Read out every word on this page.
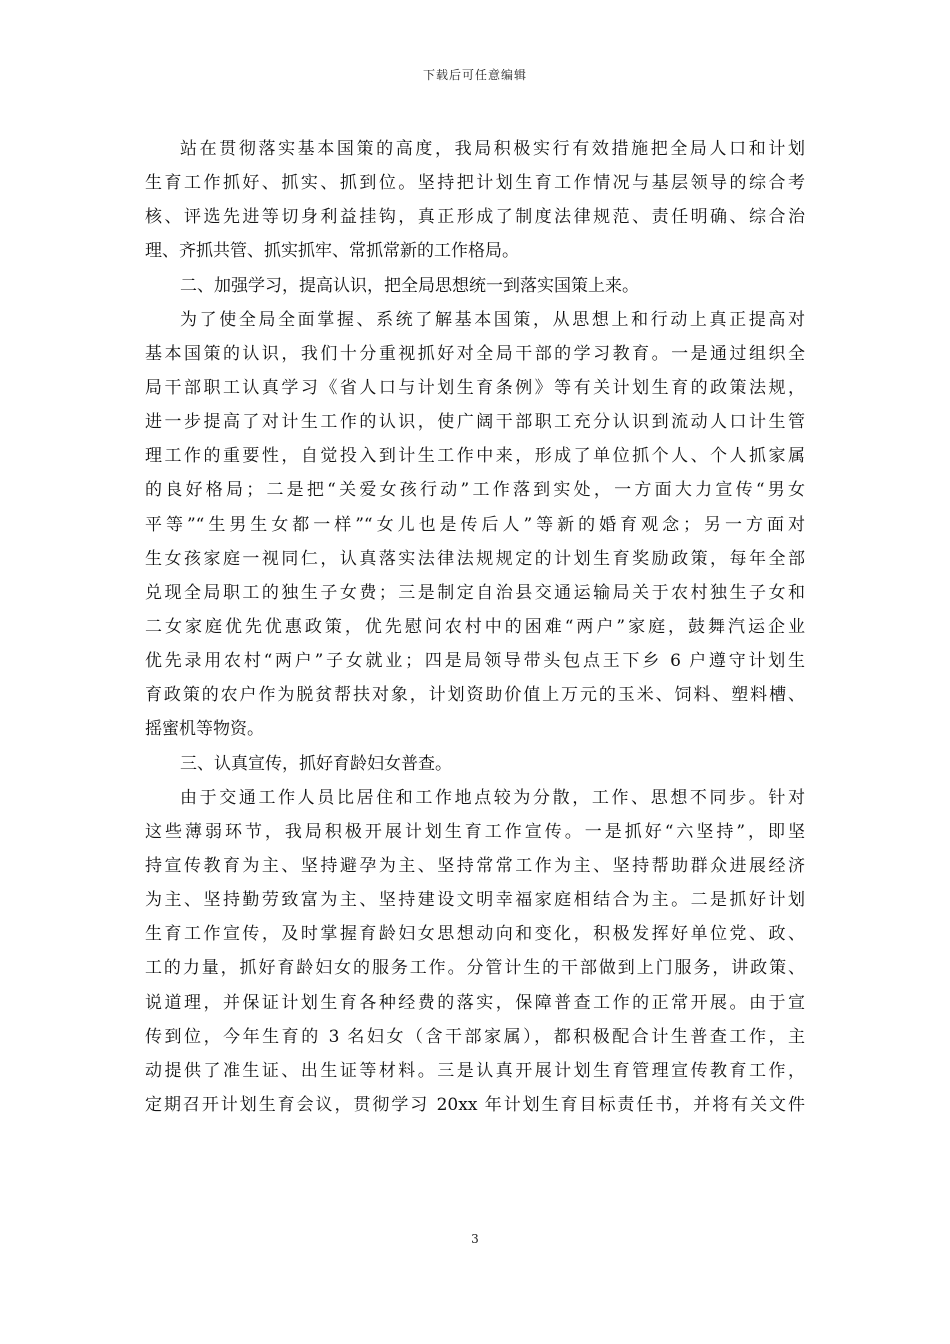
下载后可任意编辑
站在贯彻落实基本国策的高度，我局积极实行有效措施把全局人口和计划
生育工作抓好、抓实、抓到位。坚持把计划生育工作情况与基层领导的综合考
核、评选先进等切身利益挂钩，真正形成了制度法律规范、责任明确、综合治
理、齐抓共管、抓实抓牢、常抓常新的工作格局。
二、加强学习，提高认识，把全局思想统一到落实国策上来。
为了使全局全面掌握、系统了解基本国策，从思想上和行动上真正提高对
基本国策的认识，我们十分重视抓好对全局干部的学习教育。一是通过组织全
局干部职工认真学习《省人口与计划生育条例》等有关计划生育的政策法规，
进一步提高了对计生工作的认识，使广阔干部职工充分认识到流动人口计生管
理工作的重要性，自觉投入到计生工作中来，形成了单位抓个人、个人抓家属
的良好格局；二是把“关爱女孩行动”工作落到实处，一方面大力宣传“男女
平等”“生男生女都一样”“女儿也是传后人”等新的婚育观念；另一方面对
生女孩家庭一视同仁，认真落实法律法规规定的计划生育奖励政策，每年全部
兑现全局职工的独生子女费；三是制定自治县交通运输局关于农村独生子女和
二女家庭优先优惠政策，优先慰问农村中的困难“两户”家庭，鼓舞汽运企业
优先录用农村“两户”子女就业；四是局领导带头包点王下乡 6 户遵守计划生
育政策的农户作为脱贫帮扶对象，计划资助价值上万元的玉米、饲料、塑料槽、
摇蜜机等物资。
三、认真宣传，抓好育龄妇女普查。
由于交通工作人员比居住和工作地点较为分散，工作、思想不同步。针对
这些薄弱环节，我局积极开展计划生育工作宣传。一是抓好“六坚持”，即坚
持宣传教育为主、坚持避孕为主、坚持常常工作为主、坚持帮助群众进展经济
为主、坚持勤劳致富为主、坚持建设文明幸福家庭相结合为主。二是抓好计划
生育工作宣传，及时掌握育龄妇女思想动向和变化，积极发挥好单位党、政、
工的力量，抓好育龄妇女的服务工作。分管计生的干部做到上门服务，讲政策、
说道理，并保证计划生育各种经费的落实，保障普查工作的正常开展。由于宣
传到位，今年生育的 3 名妇女（含干部家属），都积极配合计生普查工作，主
动提供了准生证、出生证等材料。三是认真开展计划生育管理宣传教育工作，
定期召开计划生育会议，贯彻学习 20xx 年计划生育目标责任书，并将有关文件
3
